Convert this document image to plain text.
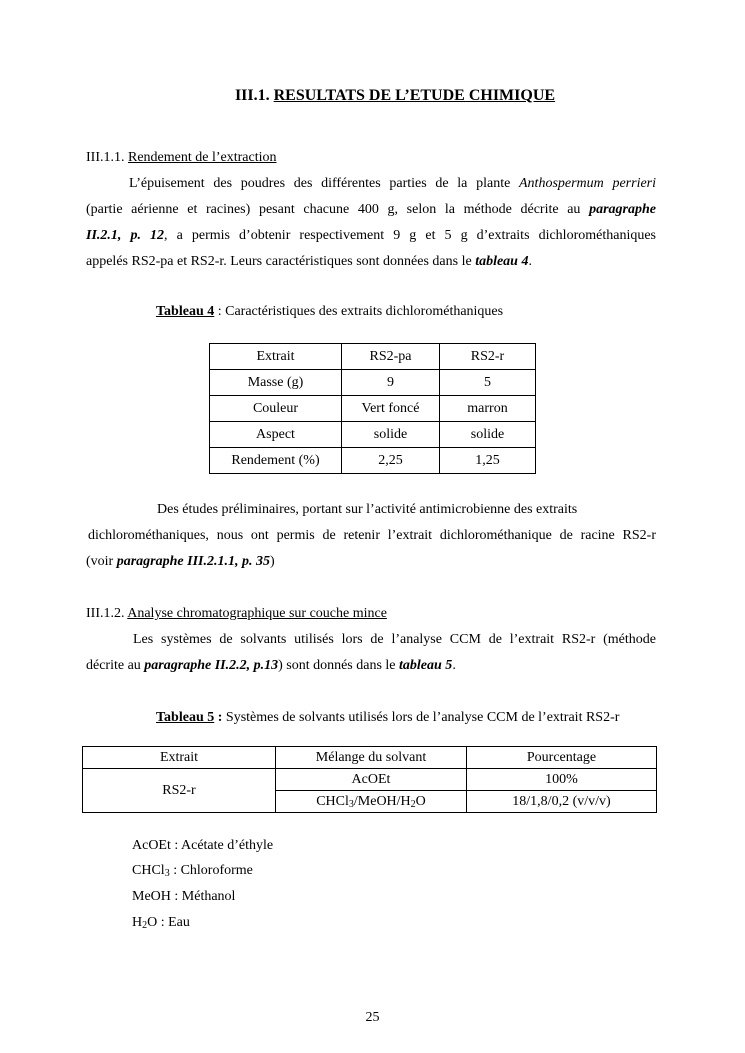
III.1. RESULTATS DE L’ETUDE CHIMIQUE
III.1.1. Rendement de l’extraction
L’épuisement des poudres des différentes parties de la plante Anthospermum perrieri
(partie aérienne et racines) pesant chacune 400 g, selon la méthode décrite au paragraphe
II.2.1, p. 12, a permis d’obtenir respectivement 9 g et 5 g d’extraits dichlorométhaniques
appelés RS2-pa et RS2-r. Leurs caractéristiques sont données dans le tableau 4.
Tableau 4 : Caractéristiques des extraits dichlorométhaniques
Extrait	RS2-pa	RS2-r
Masse (g)	9	5
Couleur	Vert foncé	marron
Aspect	solide	solide
Rendement (%)	2,25	1,25
Des études préliminaires, portant sur l’activité antimicrobienne des extraits
dichlorométhaniques, nous ont permis de retenir l’extrait dichlorométhanique de racine RS2-r
(voir paragraphe III.2.1.1, p. 35)
III.1.2. Analyse chromatographique sur couche mince
Les systèmes de solvants utilisés lors de l’analyse CCM de l’extrait RS2-r (méthode
décrite au paragraphe II.2.2, p.13) sont donnés dans le tableau 5.
Tableau 5 : Systèmes de solvants utilisés lors de l’analyse CCM de l’extrait RS2-r
Extrait	Mélange du solvant	Pourcentage
RS2-r	AcOEt	100%
	$CHCl_3/MeOH/H_2O$	18/1,8/0,2 (v/v/v)
AcOEt : Acétate d’éthyle
CHCl$_3$ : Chloroforme
MeOH : Méthanol
$H_2O$ : Eau
25
